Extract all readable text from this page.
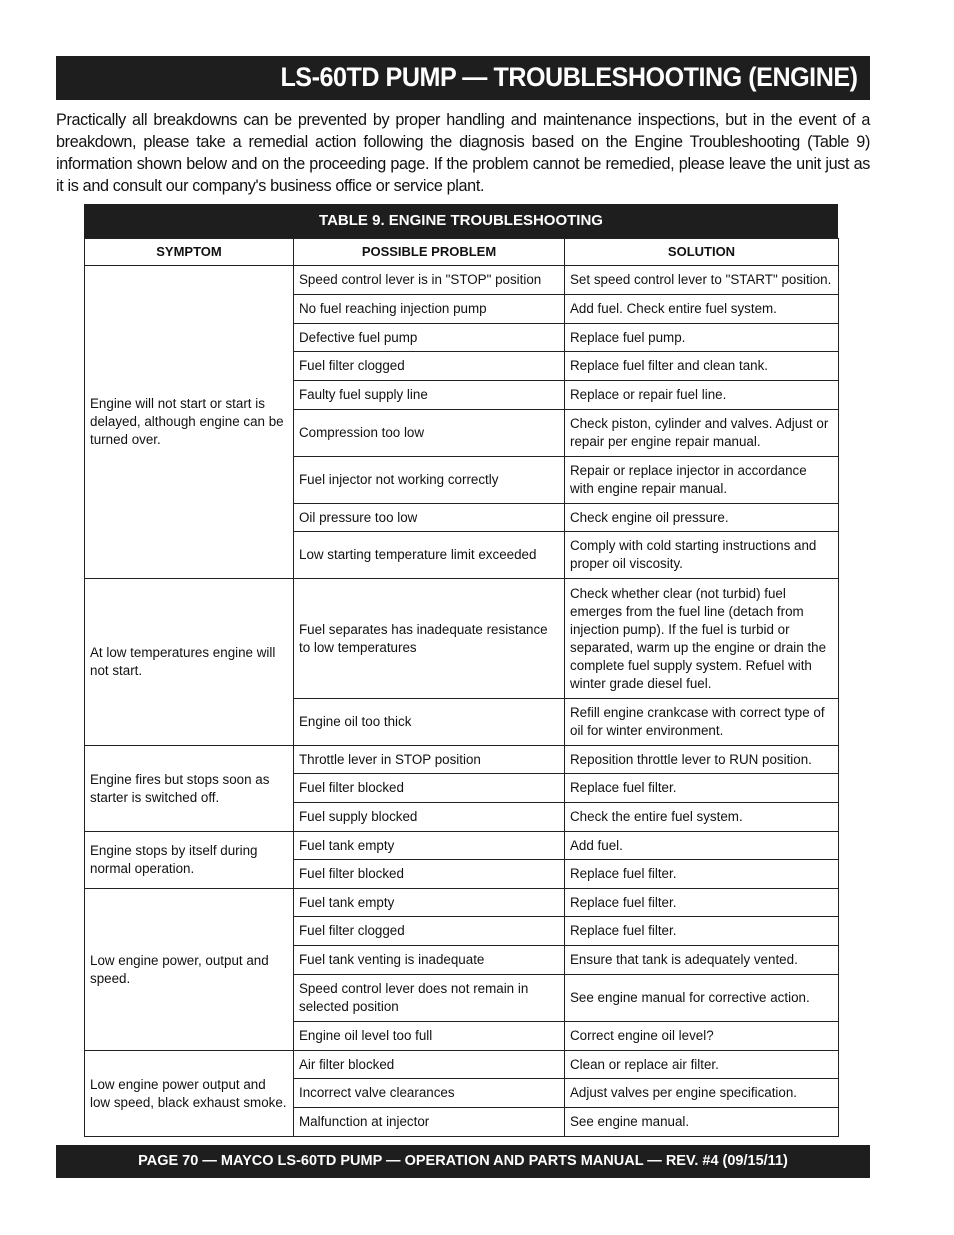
LS-60TD PUMP — TROUBLESHOOTING (ENGINE)

Practically all breakdowns can be prevented by proper handling and maintenance inspections, but in the event of a breakdown, please take a remedial action following the diagnosis based on the Engine Troubleshooting (Table 9) information shown below and on the proceeding page. If the problem cannot be remedied, please leave the unit just as it is and consult our company's business office or service plant.

TABLE 9. ENGINE TROUBLESHOOTING
SYMPTOM	POSSIBLE PROBLEM	SOLUTION
Engine will not start or start is delayed, although engine can be turned over.	Speed control lever is in "STOP" position	Set speed control lever to "START" position.
	No fuel reaching injection pump	Add fuel. Check entire fuel system.
	Defective fuel pump	Replace fuel pump.
	Fuel filter clogged	Replace fuel filter and clean tank.
	Faulty fuel supply line	Replace or repair fuel line.
	Compression too low	Check piston, cylinder and valves. Adjust or repair per engine repair manual.
	Fuel injector not working correctly	Repair or replace injector in accordance with engine repair manual.
	Oil pressure too low	Check engine oil pressure.
	Low starting temperature limit exceeded	Comply with cold starting instructions and proper oil viscosity.
At low temperatures engine will not start.	Fuel separates has inadequate resistance to low temperatures	Check whether clear (not turbid) fuel emerges from the fuel line (detach from injection pump). If the fuel is turbid or separated, warm up the engine or drain the complete fuel supply system. Refuel with winter grade diesel fuel.
	Engine oil too thick	Refill engine crankcase with correct type of oil for winter environment.
Engine fires but stops soon as starter is switched off.	Throttle lever in STOP position	Reposition throttle lever to RUN position.
	Fuel filter blocked	Replace fuel filter.
	Fuel supply blocked	Check the entire fuel system.
Engine stops by itself during normal operation.	Fuel tank empty	Add fuel.
	Fuel filter blocked	Replace fuel filter.
Low engine power, output and speed.	Fuel tank empty	Replace fuel filter.
	Fuel filter clogged	Replace fuel filter.
	Fuel tank venting is inadequate	Ensure that tank is adequately vented.
	Speed control lever does not remain in selected position	See engine manual for corrective action.
	Engine oil level too full	Correct engine oil level?
Low engine power output and low speed, black exhaust smoke.	Air filter blocked	Clean or replace air filter.
	Incorrect valve clearances	Adjust valves per engine specification.
	Malfunction at injector	See engine manual.
PAGE 70 — MAYCO LS-60TD PUMP — OPERATION AND PARTS MANUAL — REV. #4 (09/15/11)
